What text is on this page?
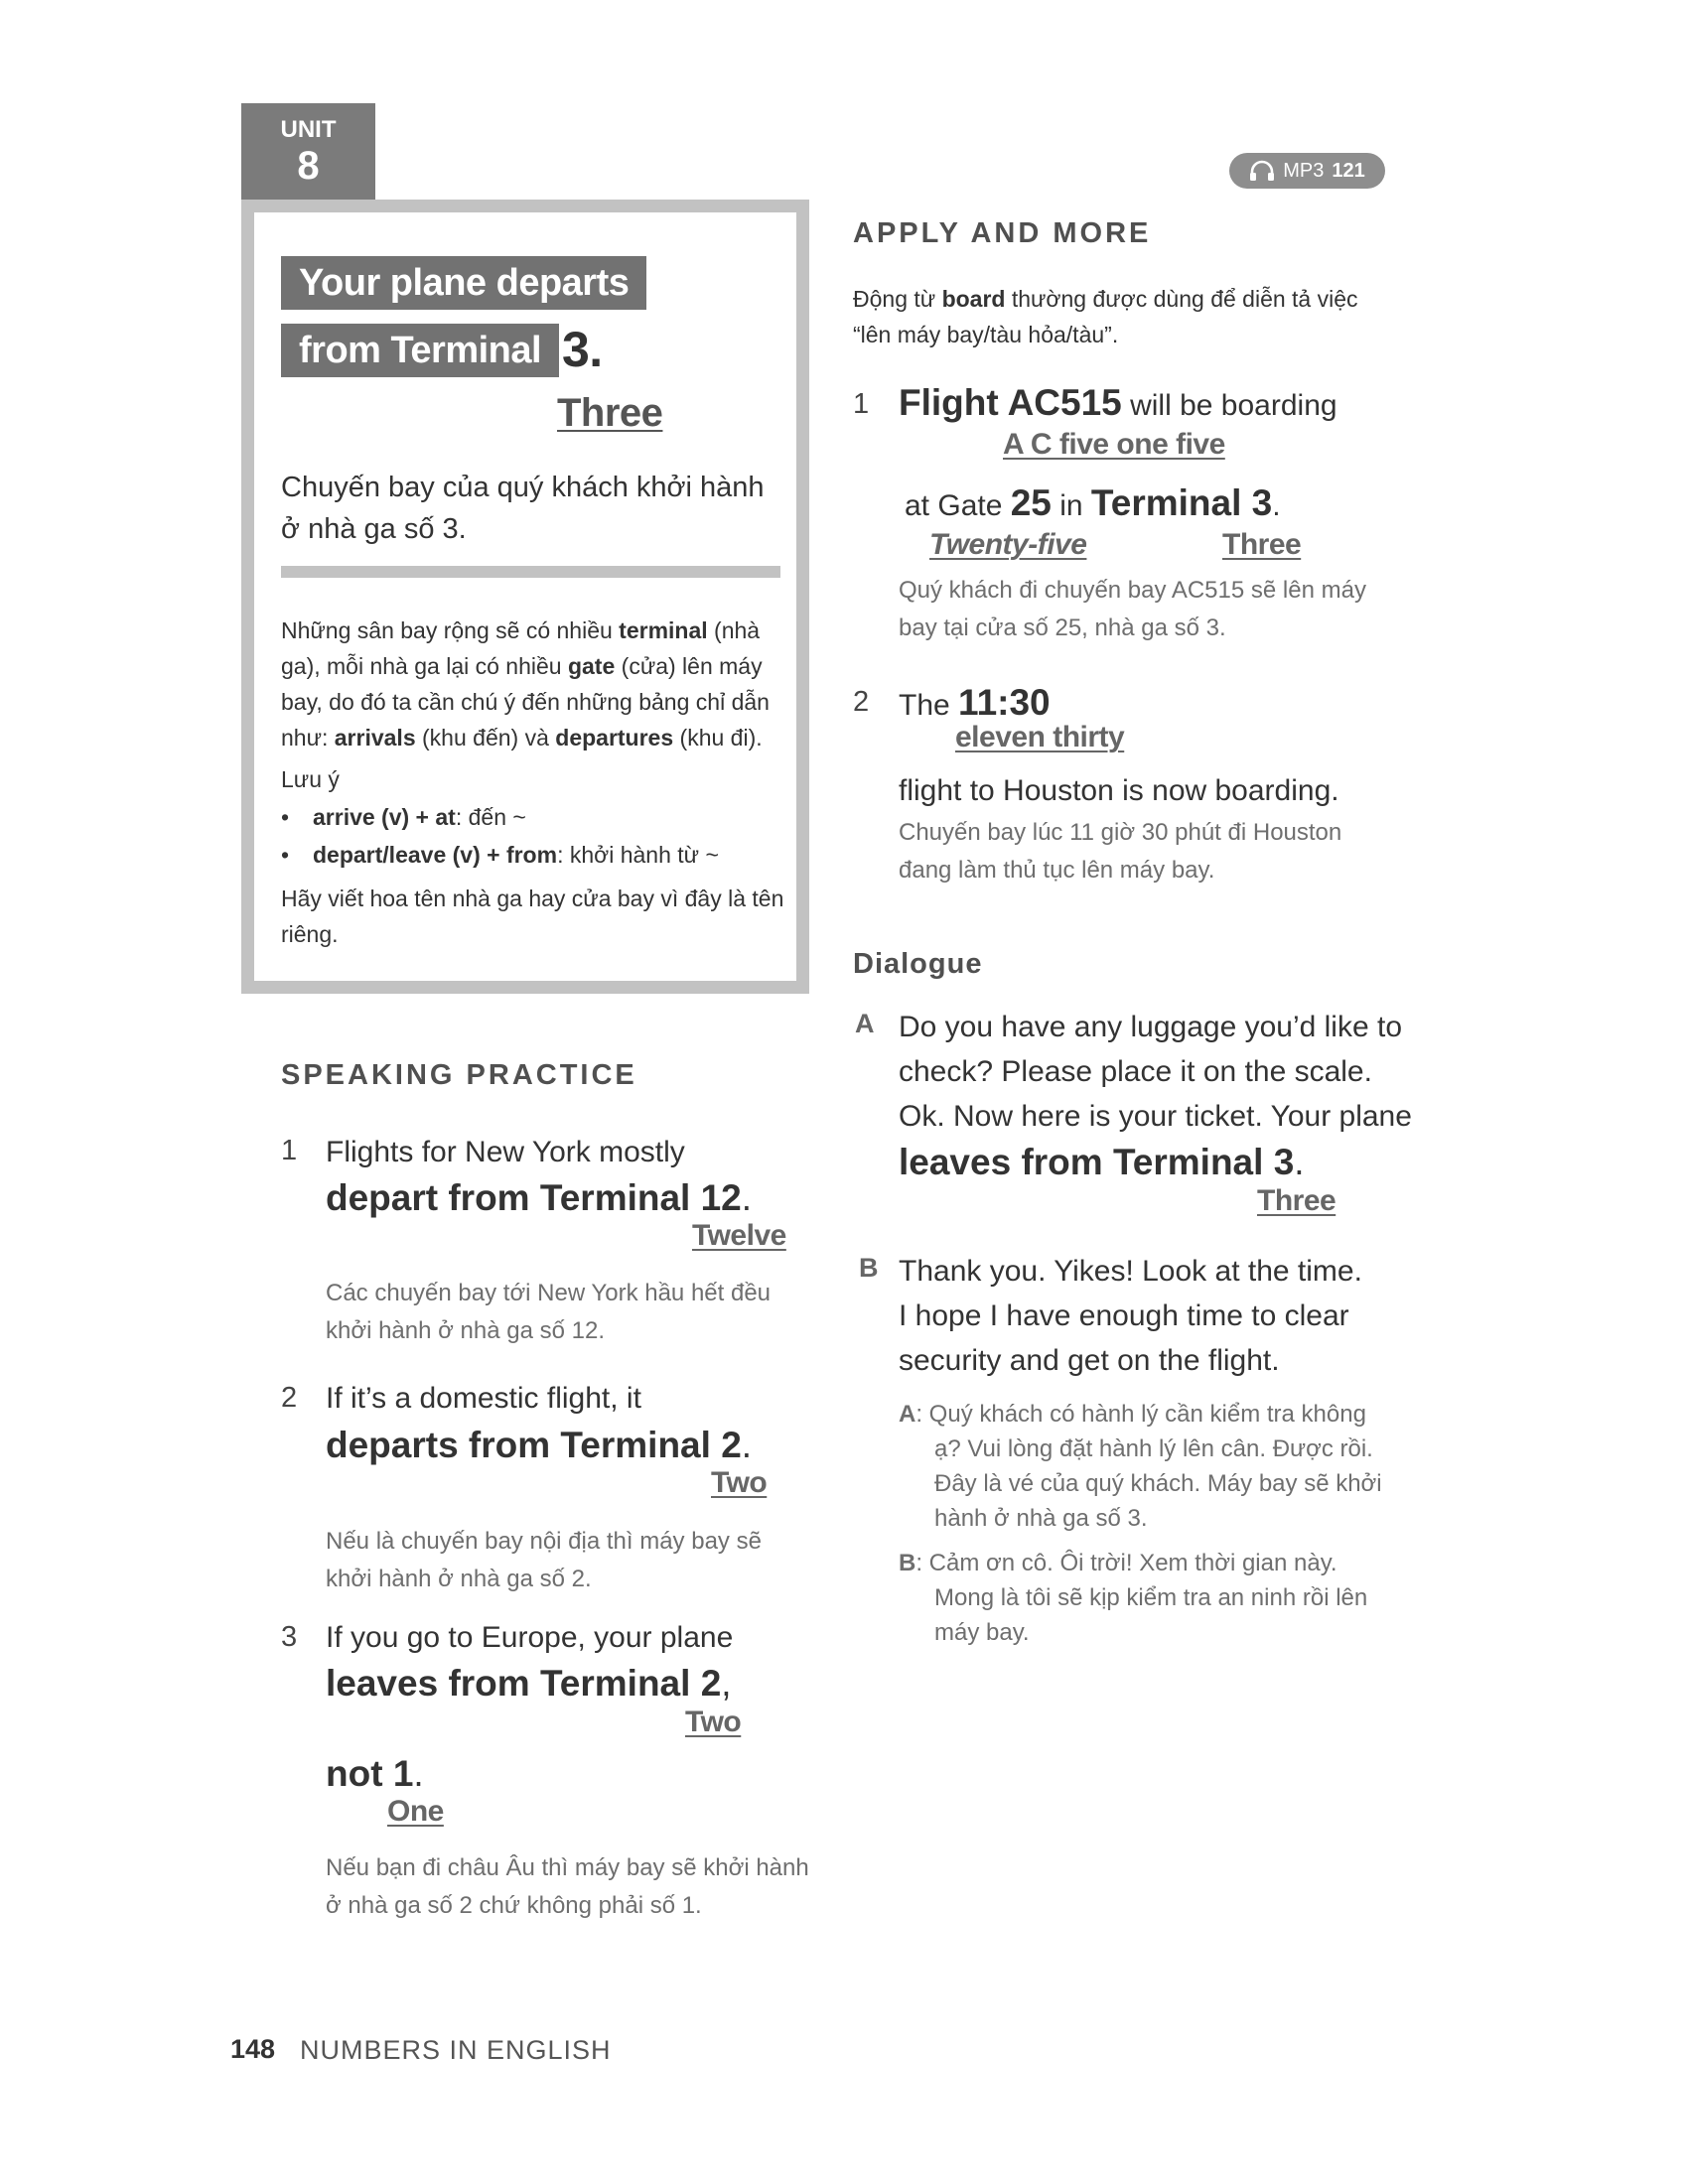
UNIT
8
Your plane departs
from Terminal 3.
Three
Chuyến bay của quý khách khởi hành ở nhà ga số 3.
Những sân bay rộng sẽ có nhiều terminal (nhà ga), mỗi nhà ga lại có nhiều gate (cửa) lên máy bay, do đó ta cần chú ý đến những bảng chỉ dẫn như: arrivals (khu đến) và departures (khu đi).
Lưu ý
• arrive (v) + at: đến ~
• depart/leave (v) + from: khởi hành từ ~
Hãy viết hoa tên nhà ga hay cửa bay vì đây là tên riêng.
SPEAKING PRACTICE
1 Flights for New York mostly
depart from Terminal 12.
Twelve
Các chuyến bay tới New York hầu hết đều khởi hành ở nhà ga số 12.
2 If it’s a domestic flight, it
departs from Terminal 2.
Two
Nếu là chuyến bay nội địa thì máy bay sẽ khởi hành ở nhà ga số 2.
3 If you go to Europe, your plane
leaves from Terminal 2,
Two
not 1.
One
Nếu bạn đi châu Âu thì máy bay sẽ khởi hành ở nhà ga số 2 chứ không phải số 1.
MP3 121
APPLY AND MORE
Động từ board thường được dùng để diễn tả việc “lên máy bay/tàu hỏa/tàu”.
1 Flight AC515 will be boarding
A C five one five
at Gate 25 in Terminal 3.
Twenty-five	Three
Quý khách đi chuyến bay AC515 sẽ lên máy bay tại cửa số 25, nhà ga số 3.
2 The 11:30
eleven thirty
flight to Houston is now boarding.
Chuyến bay lúc 11 giờ 30 phút đi Houston đang làm thủ tục lên máy bay.
Dialogue
A Do you have any luggage you’d like to
check? Please place it on the scale.
Ok. Now here is your ticket. Your plane
leaves from Terminal 3.
Three
B Thank you. Yikes! Look at the time.
I hope I have enough time to clear
security and get on the flight.
A: Quý khách có hành lý cần kiểm tra không ạ? Vui lòng đặt hành lý lên cân. Được rồi. Đây là vé của quý khách. Máy bay sẽ khởi hành ở nhà ga số 3.
B: Cảm ơn cô. Ôi trời! Xem thời gian này. Mong là tôi sẽ kịp kiểm tra an ninh rồi lên máy bay.
148 NUMBERS IN ENGLISH
